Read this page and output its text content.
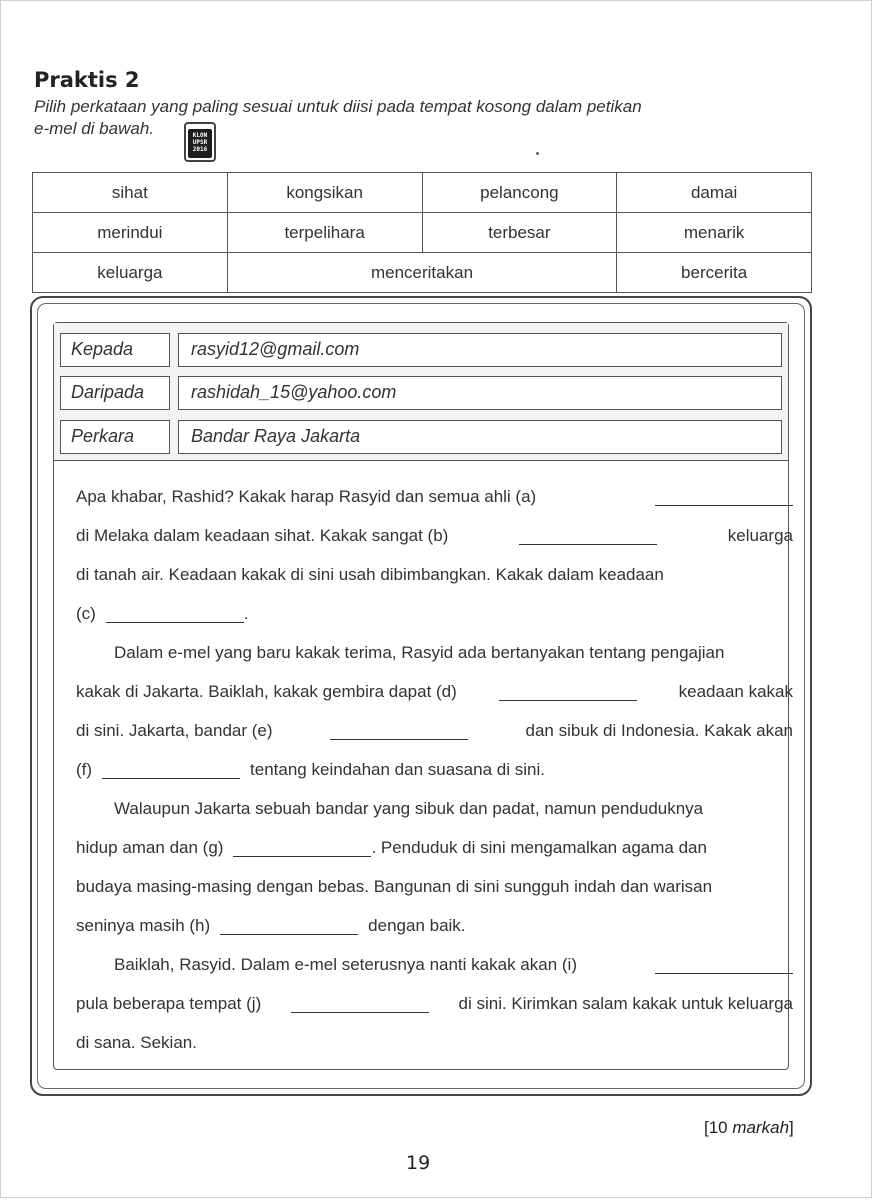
Praktis 2
Pilih perkataan yang paling sesuai untuk diisi pada tempat kosong dalam petikan
e-mel di bawah.	KLON
UPSR
2016
sihat	kongsikan	pelancong	damai
merindui	terpelihara	terbesar	menarik
keluarga	menceritakan		bercerita
Kepada	rasyid12@gmail.com
Daripada	rashidah_15@yahoo.com
Perkara	Bandar Raya Jakarta
Apa khabar, Rashid? Kakak harap Rasyid dan semua ahli (a)
di Melaka dalam keadaan sihat. Kakak sangat (b)	keluarga
di tanah air. Keadaan kakak di sini usah dibimbangkan. Kakak dalam keadaan
(c)	.
Dalam e-mel yang baru kakak terima, Rasyid ada bertanyakan tentang pengajian
kakak di Jakarta. Baiklah, kakak gembira dapat (d)	keadaan kakak
di sini. Jakarta, bandar (e)	dan sibuk di Indonesia. Kakak akan
(f)	tentang keindahan dan suasana di sini.
Walaupun Jakarta sebuah bandar yang sibuk dan padat, namun penduduknya
hidup aman dan (g)	. Penduduk di sini mengamalkan agama dan
budaya masing-masing dengan bebas. Bangunan di sini sungguh indah dan warisan
seninya masih (h)	dengan baik.
Baiklah, Rasyid. Dalam e-mel seterusnya nanti kakak akan (i)
pula beberapa tempat (j)	di sini. Kirimkan salam kakak untuk keluarga
di sana. Sekian.
[10 markah]
19
